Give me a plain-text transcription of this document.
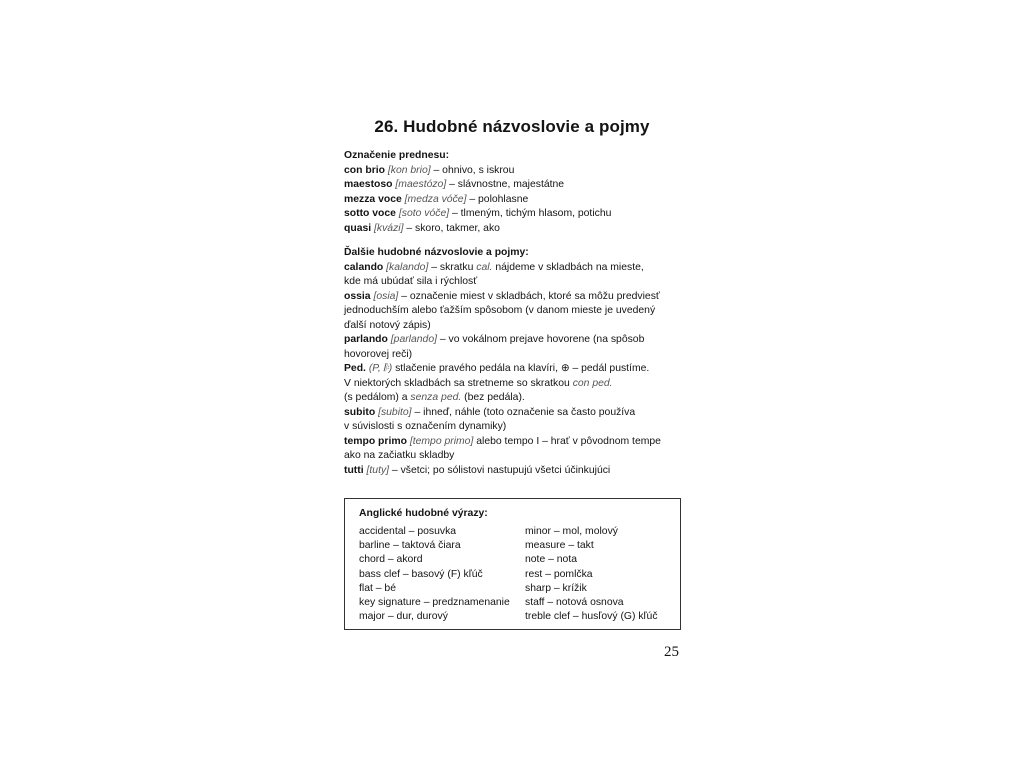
26. Hudobné názvoslovie a pojmy
Označenie prednesu:
con brio [kon brio] – ohnivo, s iskrou
maestoso [maestózo] – slávnostne, majestátne
mezza voce [medza vóče] – polohlasne
sotto voce [soto vóče] – tlmeným, tichým hlasom, potichu
quasi [kvázi] – skoro, takmer, ako
Ďalšie hudobné názvoslovie a pojmy:
calando [kalando] – skratku cal. nájdeme v skladbách na mieste,
kde má ubúdať sila i rýchlosť
ossia [osia] – označenie miest v skladbách, ktoré sa môžu predviesť
jednoduchším alebo ťažším spôsobom (v danom mieste je uvedený
ďalší notový zápis)
parlando [parlando] – vo vokálnom prejave hovorene (na spôsob
hovorovej reči)
Ped. (P, 𝄆) stlačenie pravého pedála na klavíri, ⊕ – pedál pustíme.
V niektorých skladbách sa stretneme so skratkou con ped.
(s pedálom) a senza ped. (bez pedála).
subito [subito] – ihneď, náhle (toto označenie sa často používa
v súvislosti s označením dynamiky)
tempo primo [tempo primo] alebo tempo I – hrať v pôvodnom tempe
ako na začiatku skladby
tutti [tuty] – všetci; po sólistovi nastupujú všetci účinkujúci
Anglické hudobné výrazy:
accidental – posuvka
barline – taktová čiara
chord – akord
bass clef – basový (F) kľúč
flat – bé
key signature – predznamenanie
major – dur, durový
minor – mol, molový
measure – takt
note – nota
rest – pomlčka
sharp – krížik
staff – notová osnova
treble clef – husľový (G) kľúč
25
